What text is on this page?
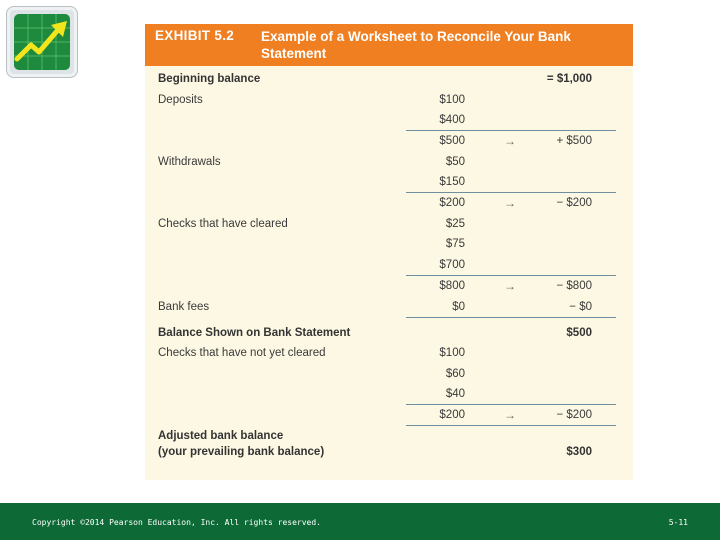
EXHIBIT 5.2 Example of a Worksheet to Reconcile Your Bank Statement
Beginning balance	= $1,000
Deposits	$100
$400
$500	→	+ $500
Withdrawals	$50
$150
$200	→	− $200
Checks that have cleared	$25
$75
$700
$800	→	− $800
Bank fees	$0	− $0
Balance Shown on Bank Statement	$500
Checks that have not yet cleared	$100
$60
$40
$200	→	− $200
Adjusted bank balance
(your prevailing bank balance)	$300
Copyright ©2014 Pearson Education, Inc. All rights reserved.	5-11
